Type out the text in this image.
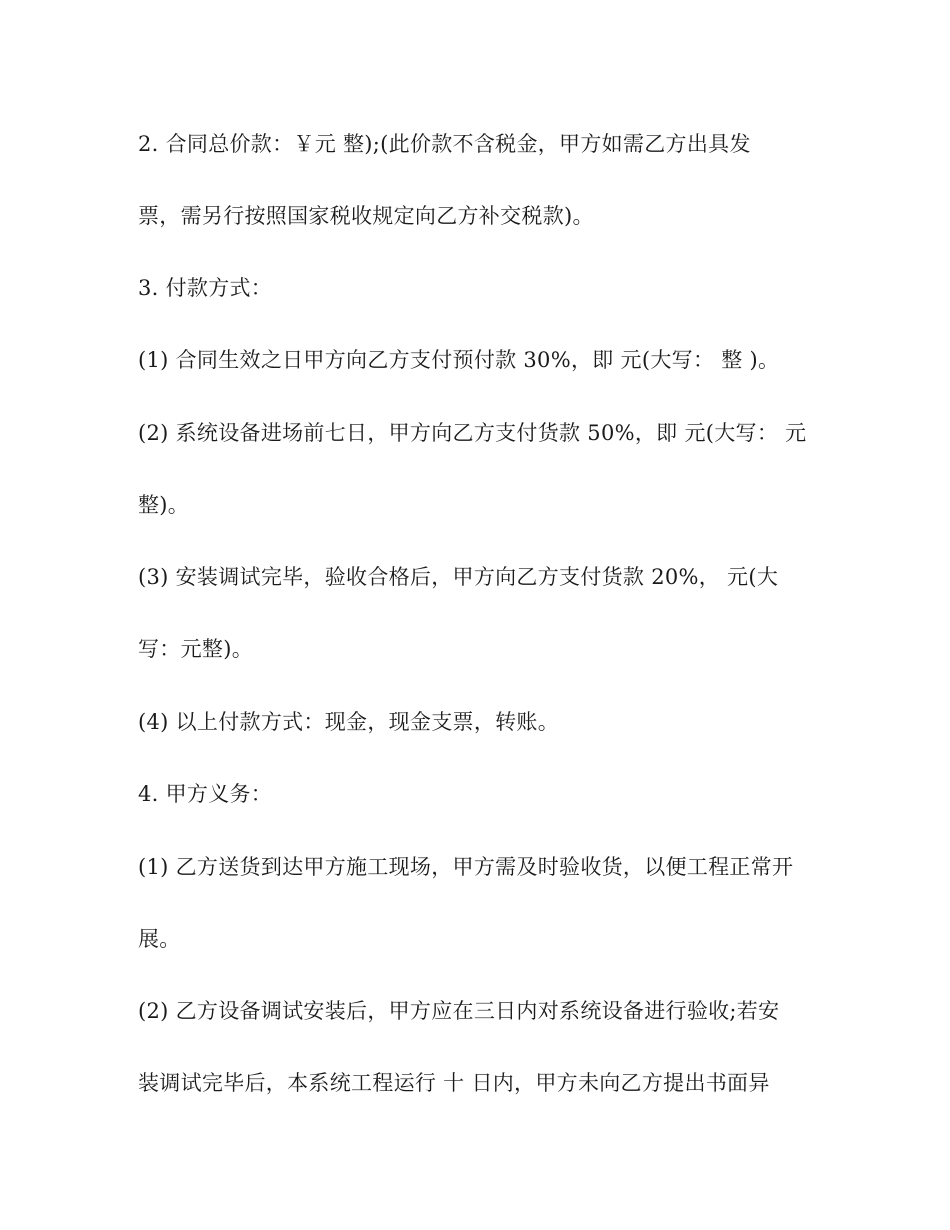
2. 合同总价款：￥元 整);(此价款不含税金，甲方如需乙方出具发
票，需另行按照国家税收规定向乙方补交税款)。
3. 付款方式：
(1) 合同生效之日甲方向乙方支付预付款 30%，即 元(大写： 整 )。
(2) 系统设备进场前七日，甲方向乙方支付货款 50%，即 元(大写： 元
整)。
(3) 安装调试完毕，验收合格后，甲方向乙方支付货款 20%， 元(大
写：元整)。
(4) 以上付款方式：现金，现金支票，转账。
4. 甲方义务：
(1) 乙方送货到达甲方施工现场，甲方需及时验收货，以便工程正常开
展。
(2) 乙方设备调试安装后，甲方应在三日内对系统设备进行验收;若安
装调试完毕后，本系统工程运行 十 日内，甲方未向乙方提出书面异
